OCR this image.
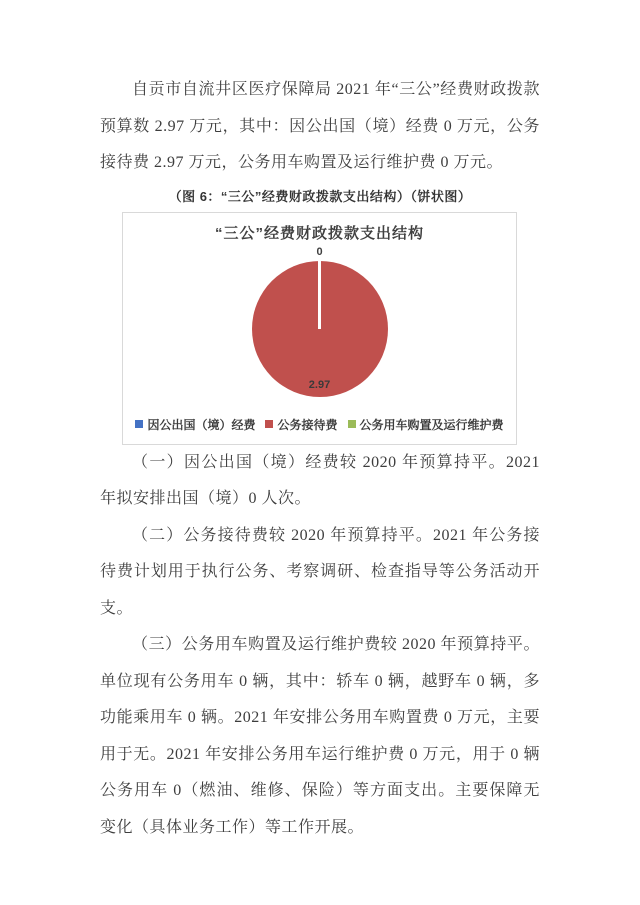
自贡市自流井区医疗保障局 2021 年“三公”经费财政拨款预算数 2.97 万元，其中：因公出国（境）经费 0 万元，公务接待费 2.97 万元，公务用车购置及运行维护费 0 万元。

（图 6：“三公”经费财政拨款支出结构）（饼状图）
“三公”经费财政拨款支出结构
0
2.97
因公出国（境）经费 公务接待费 公务用车购置及运行维护费

（一）因公出国（境）经费较 2020 年预算持平。2021 年拟安排出国（境）0 人次。

（二）公务接待费较 2020 年预算持平。2021 年公务接待费计划用于执行公务、考察调研、检查指导等公务活动开支。

（三）公务用车购置及运行维护费较 2020 年预算持平。单位现有公务用车 0 辆，其中：轿车 0 辆，越野车 0 辆，多功能乘用车 0 辆。2021 年安排公务用车购置费 0 万元，主要用于无。2021 年安排公务用车运行维护费 0 万元，用于 0 辆公务用车 0（燃油、维修、保险）等方面支出。主要保障无变化（具体业务工作）等工作开展。
